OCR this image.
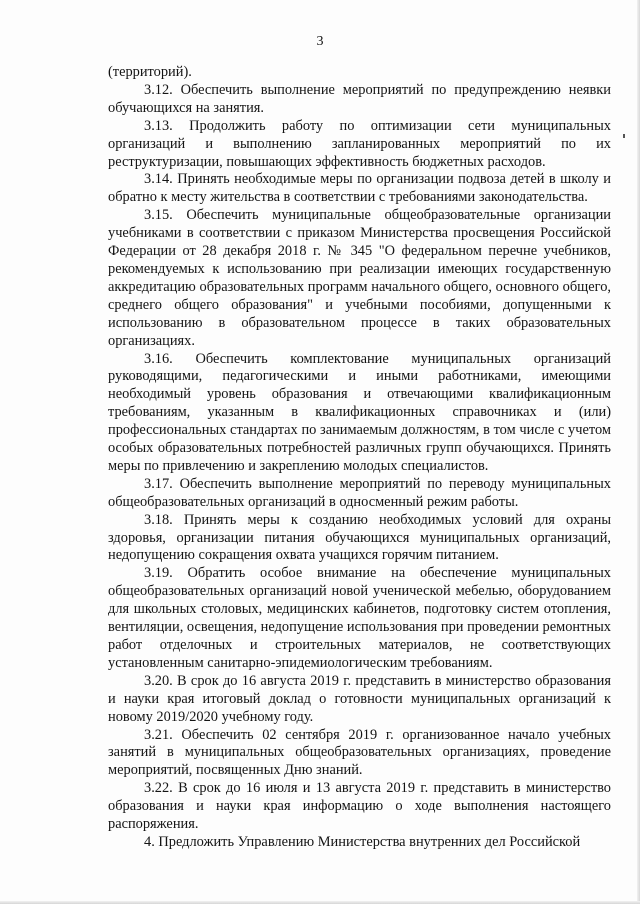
3

(территорий).

3.12. Обеспечить выполнение мероприятий по предупреждению неявки обучающихся на занятия.

3.13. Продолжить работу по оптимизации сети муниципальных организаций и выполнению запланированных мероприятий по их реструктуризации, повышающих эффективность бюджетных расходов.

3.14. Принять необходимые меры по организации подвоза детей в школу и обратно к месту жительства в соответствии с требованиями законодательства.

3.15. Обеспечить муниципальные общеобразовательные организации учебниками в соответствии с приказом Министерства просвещения Российской Федерации от 28 декабря 2018 г. № 345 "О федеральном перечне учебников, рекомендуемых к использованию при реализации имеющих государственную аккредитацию образовательных программ начального общего, основного общего, среднего общего образования" и учебными пособиями, допущенными к использованию в образовательном процессе в таких образовательных организациях.

3.16. Обеспечить комплектование муниципальных организаций руководящими, педагогическими и иными работниками, имеющими необходимый уровень образования и отвечающими квалификационным требованиям, указанным в квалификационных справочниках и (или) профессиональных стандартах по занимаемым должностям, в том числе с учетом особых образовательных потребностей различных групп обучающихся. Принять меры по привлечению и закреплению молодых специалистов.

3.17. Обеспечить выполнение мероприятий по переводу муниципальных общеобразовательных организаций в односменный режим работы.

3.18. Принять меры к созданию необходимых условий для охраны здоровья, организации питания обучающихся муниципальных организаций, недопущению сокращения охвата учащихся горячим питанием.

3.19. Обратить особое внимание на обеспечение муниципальных общеобразовательных организаций новой ученической мебелью, оборудованием для школьных столовых, медицинских кабинетов, подготовку систем отопления, вентиляции, освещения, недопущение использования при проведении ремонтных работ отделочных и строительных материалов, не соответствующих установленным санитарно-эпидемиологическим требованиям.

3.20. В срок до 16 августа 2019 г. представить в министерство образования и науки края итоговый доклад о готовности муниципальных организаций к новому 2019/2020 учебному году.

3.21. Обеспечить 02 сентября 2019 г. организованное начало учебных занятий в муниципальных общеобразовательных организациях, проведение мероприятий, посвященных Дню знаний.

3.22. В срок до 16 июля и 13 августа 2019 г. представить в министерство образования и науки края информацию о ходе выполнения настоящего распоряжения.

4. Предложить Управлению Министерства внутренних дел Российской
